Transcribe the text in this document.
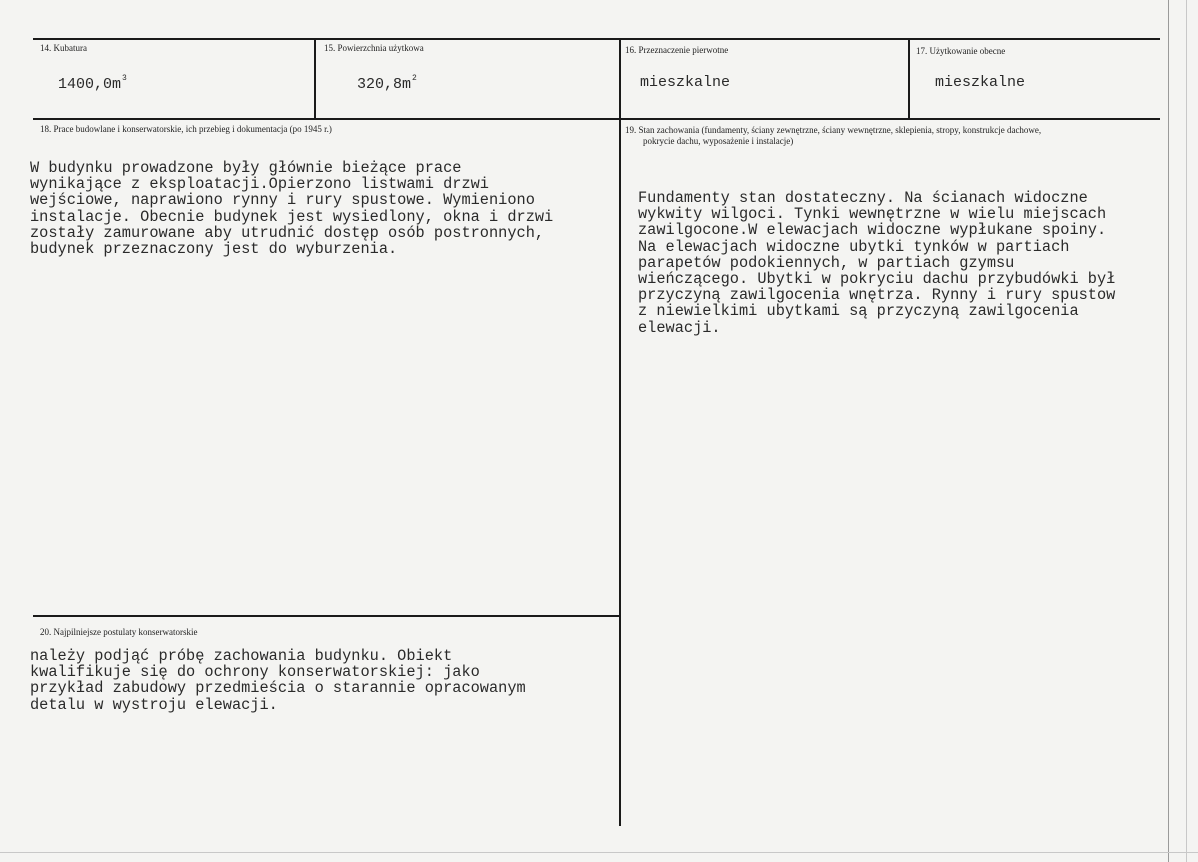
14. Kubatura
$1400,0m^3$
15. Powierzchnia użytkowa
$320,8m^2$
16. Przeznaczenie pierwotne
mieszkalne
17. Użytkowanie obecne
mieszkalne
18. Prace budowlane i konserwatorskie, ich przebieg i dokumentacja (po 1945 r.)
W budynku prowadzone były głównie bieżące prace
wynikające z eksploatacji.Opierzono listwami drzwi
wejściowe, naprawiono rynny i rury spustowe. Wymieniono
instalacje. Obecnie budynek jest wysiedlony, okna i drzwi
zostały zamurowane aby utrudnić dostęp osób postronnych,
budynek przeznaczony jest do wyburzenia.
19. Stan zachowania (fundamenty, ściany zewnętrzne, ściany wewnętrzne, sklepienia, stropy, konstrukcje dachowe,
pokrycie dachu, wyposażenie i instalacje)
Fundamenty stan dostateczny. Na ścianach widoczne
wykwity wilgoci. Tynki wewnętrzne w wielu miejscach
zawilgocone.W elewacjach widoczne wypłukane spoiny.
Na elewacjach widoczne ubytki tynków w partiach
parapetów podokiennych, w partiach gzymsu
wieńczącego. Ubytki w pokryciu dachu przybudówki był
przyczyną zawilgocenia wnętrza. Rynny i rury spustow
z niewielkimi ubytkami są przyczyną zawilgocenia
elewacji.
20. Najpilniejsze postulaty konserwatorskie
należy podjąć próbę zachowania budynku. Obiekt
kwalifikuje się do ochrony konserwatorskiej: jako
przykład zabudowy przedmieścia o starannie opracowanym
detalu w wystroju elewacji.
